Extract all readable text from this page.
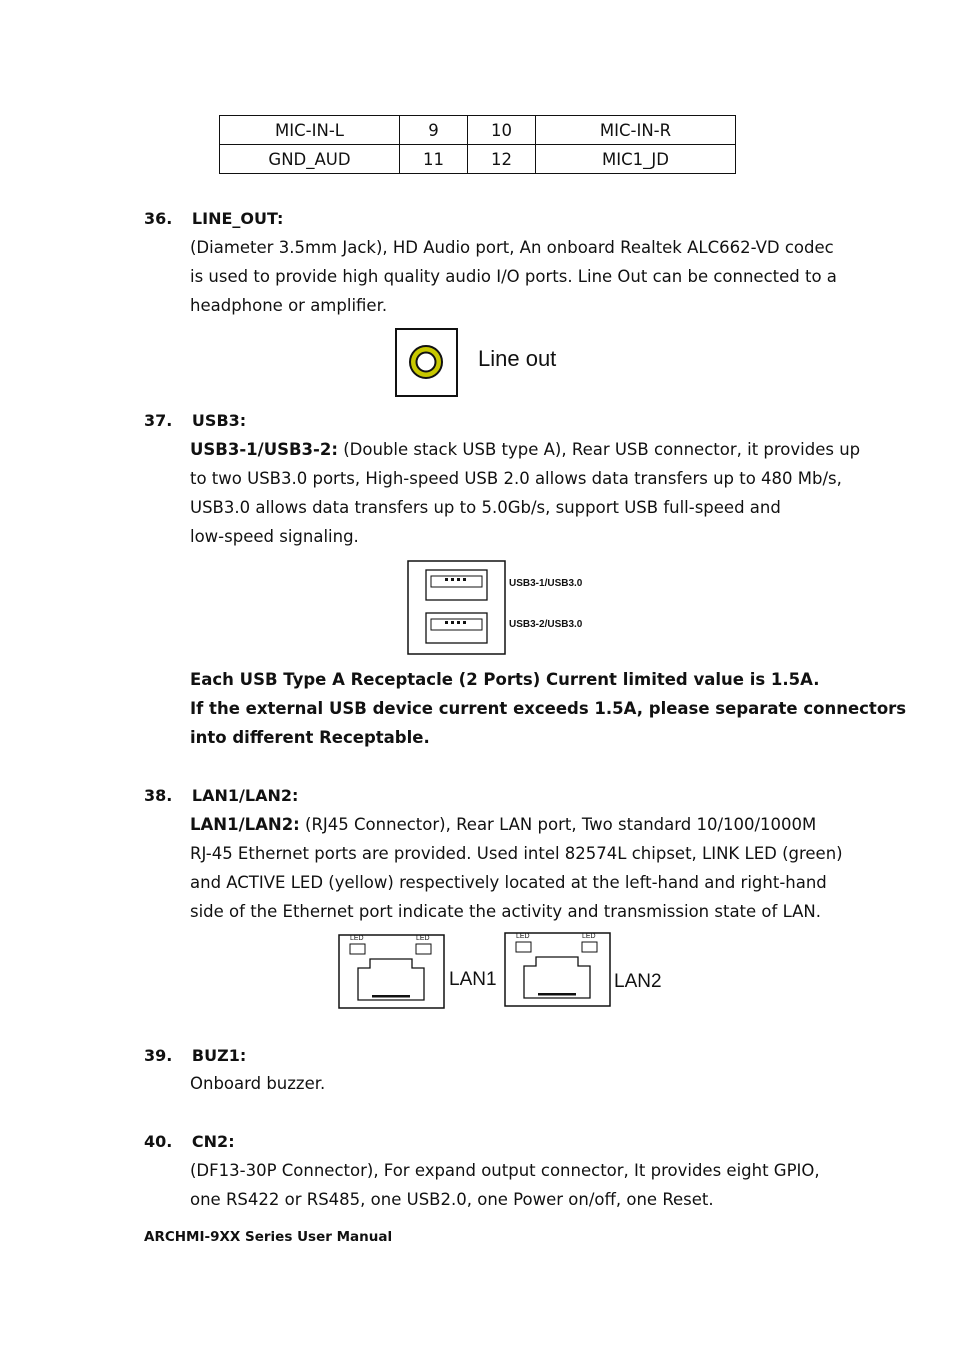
MIC-IN-L	9	10	MIC-IN-R
GND_AUD	11	12	MIC1_JD
36. LINE_OUT:
(Diameter 3.5mm Jack), HD Audio port, An onboard Realtek ALC662-VD codec
is used to provide high quality audio I/O ports. Line Out can be connected to a
headphone or amplifier.
Line out
37. USB3:
USB3-1/USB3-2: (Double stack USB type A), Rear USB connector, it provides up
to two USB3.0 ports, High-speed USB 2.0 allows data transfers up to 480 Mb/s,
USB3.0 allows data transfers up to 5.0Gb/s, support USB full-speed and
low-speed signaling.
USB3-1/USB3.0
USB3-2/USB3.0
Each USB Type A Receptacle (2 Ports) Current limited value is 1.5A.
If the external USB device current exceeds 1.5A, please separate connectors
into different Receptable.
38. LAN1/LAN2:
LAN1/LAN2: (RJ45 Connector), Rear LAN port, Two standard 10/100/1000M
RJ-45 Ethernet ports are provided. Used intel 82574L chipset, LINK LED (green)
and ACTIVE LED (yellow) respectively located at the left-hand and right-hand
side of the Ethernet port indicate the activity and transmission state of LAN.
LED	LED
LAN1
LED	LED
LAN2
39. BUZ1:
Onboard buzzer.
40. CN2:
(DF13-30P Connector), For expand output connector, It provides eight GPIO,
one RS422 or RS485, one USB2.0, one Power on/off, one Reset.
ARCHMI-9XX Series User Manual
